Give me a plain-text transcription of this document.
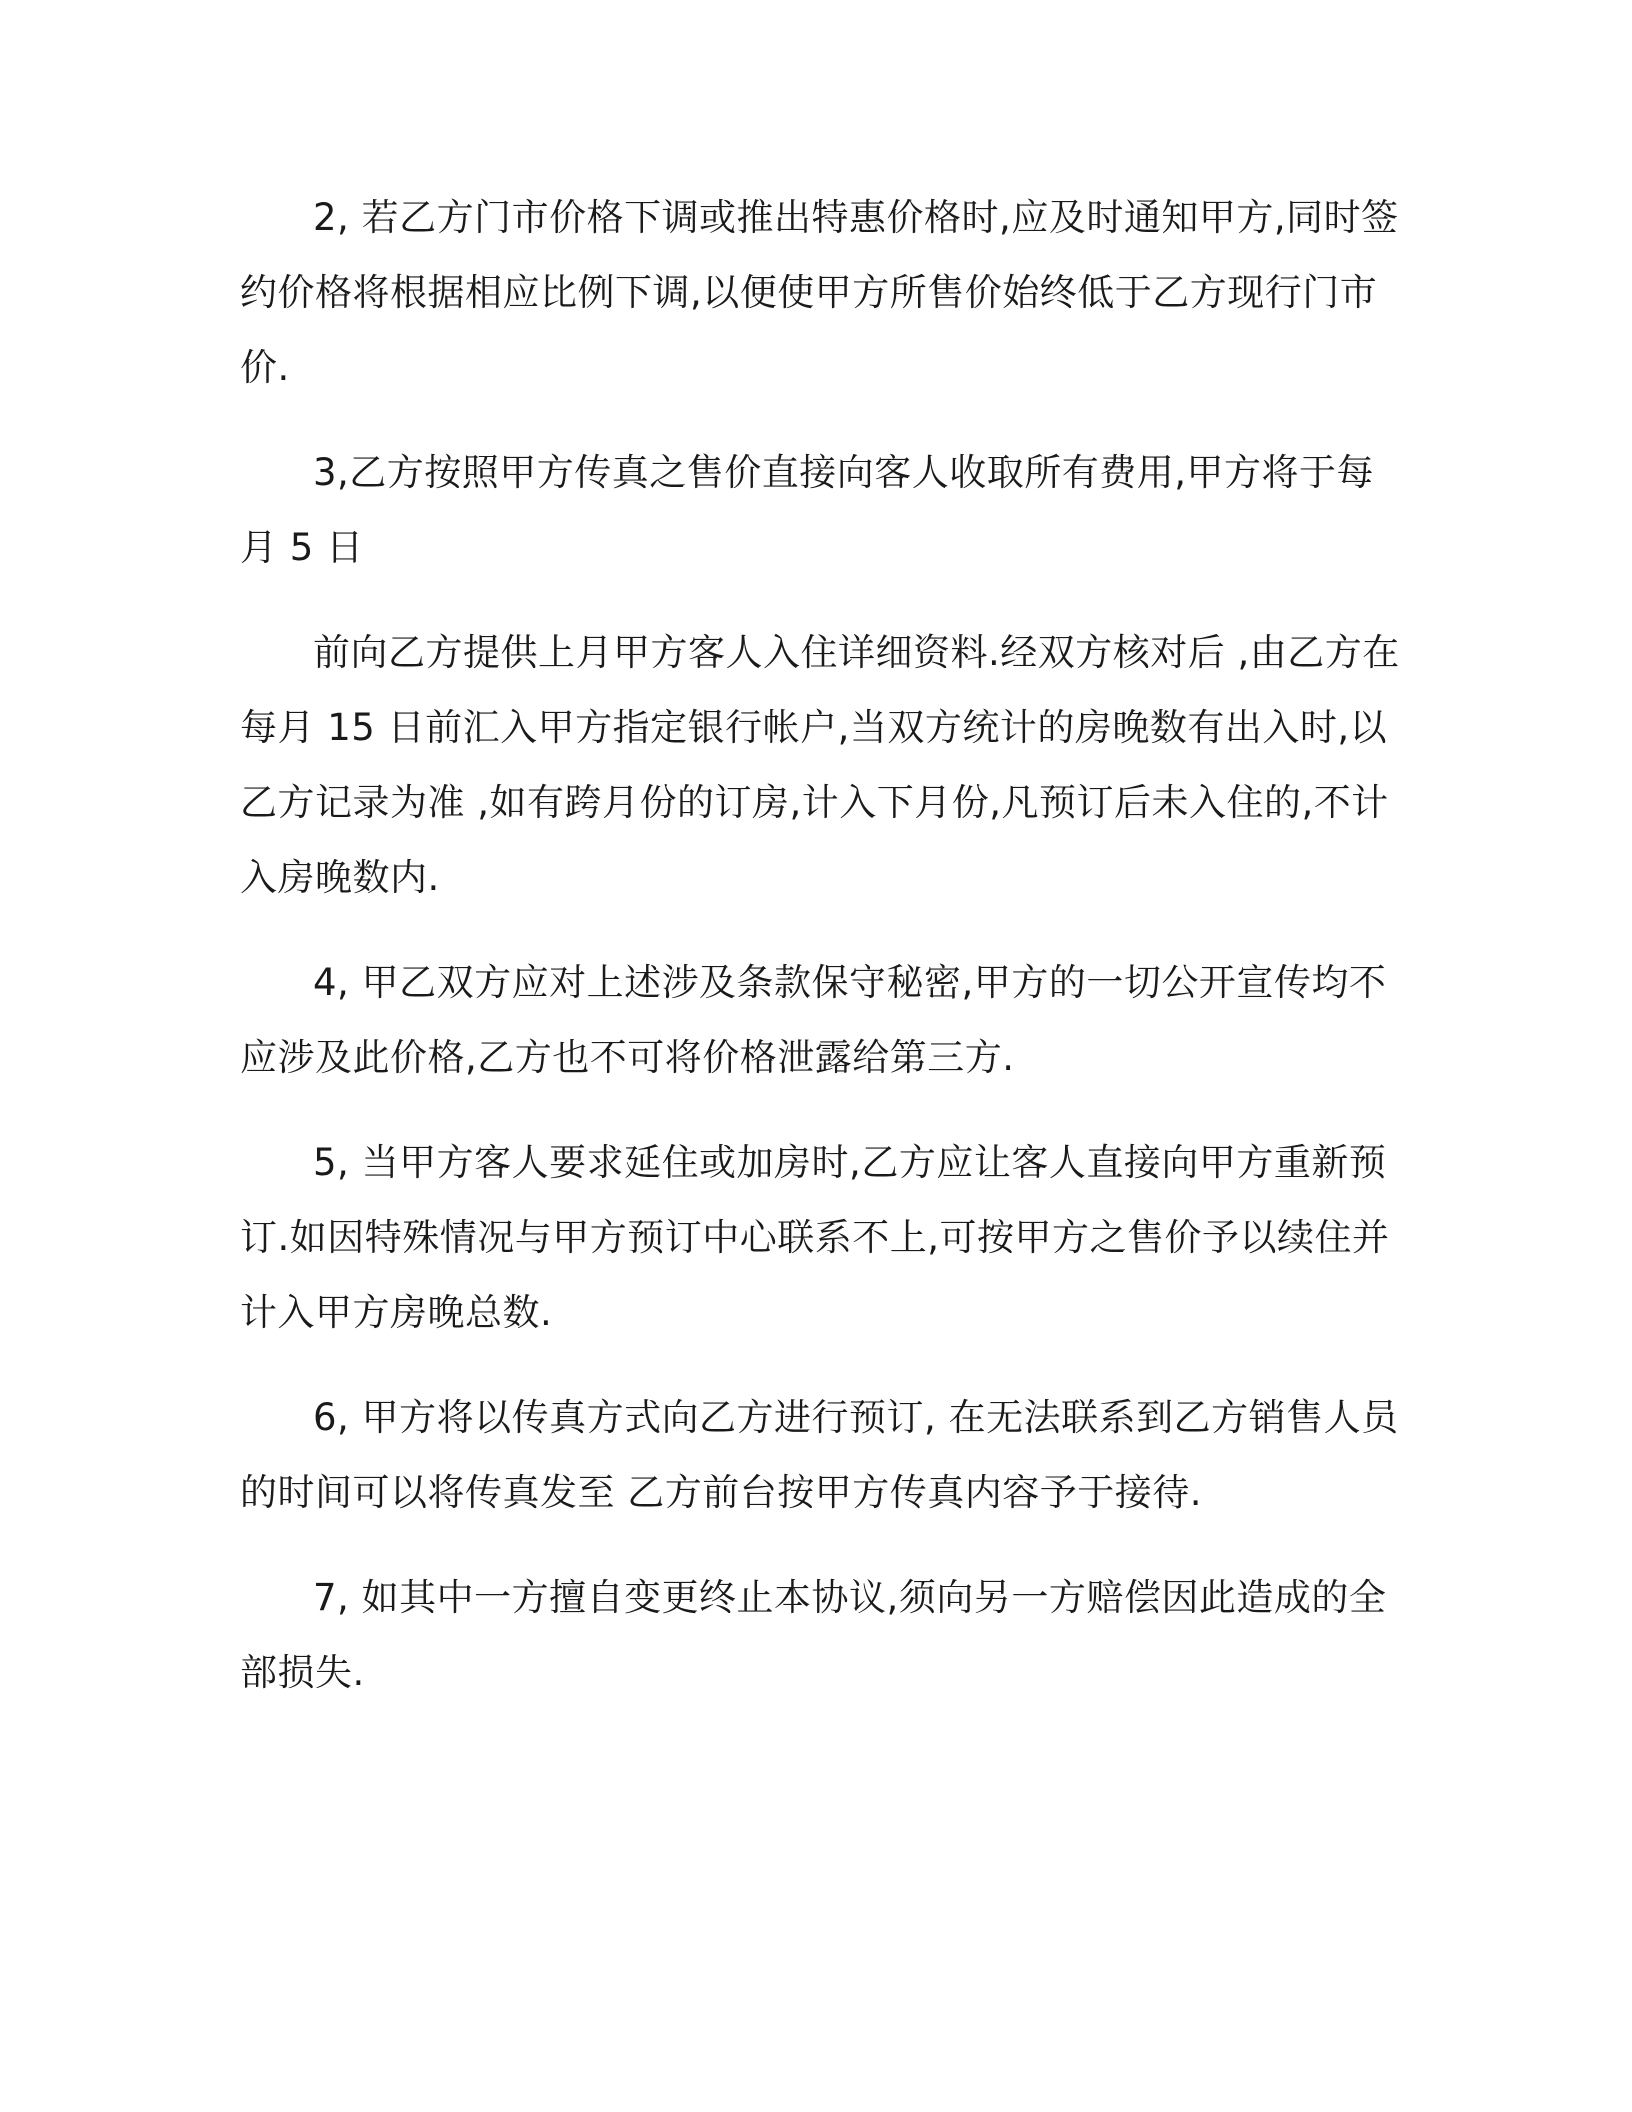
2, 若乙方门市价格下调或推出特惠价格时,应及时通知甲方,同时签
约价格将根据相应比例下调,以便使甲方所售价始终低于乙方现行门市
价.
3,乙方按照甲方传真之售价直接向客人收取所有费用,甲方将于每
月 5 日
前向乙方提供上月甲方客人入住详细资料.经双方核对后 ,由乙方在
每月 15 日前汇入甲方指定银行帐户,当双方统计的房晚数有出入时,以
乙方记录为准 ,如有跨月份的订房,计入下月份,凡预订后未入住的,不计
入房晚数内.
4, 甲乙双方应对上述涉及条款保守秘密,甲方的一切公开宣传均不
应涉及此价格,乙方也不可将价格泄露给第三方.
5, 当甲方客人要求延住或加房时,乙方应让客人直接向甲方重新预
订.如因特殊情况与甲方预订中心联系不上,可按甲方之售价予以续住并
计入甲方房晚总数.
6, 甲方将以传真方式向乙方进行预订, 在无法联系到乙方销售人员
的时间可以将传真发至 乙方前台按甲方传真内容予于接待.
7, 如其中一方擅自变更终止本协议,须向另一方赔偿因此造成的全
部损失.
